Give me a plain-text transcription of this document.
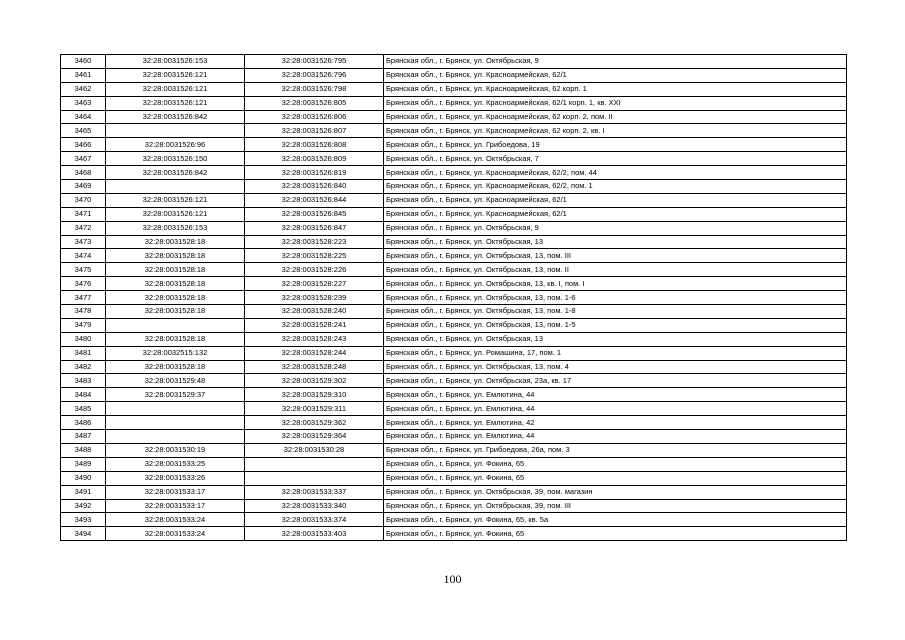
3460	32:28:0031526:153	32:28:0031526:795	Брянская обл., г. Брянск, ул. Октябрьская, 9
3461	32:28:0031526:121	32:28:0031526:796	Брянская обл., г. Брянск, ул. Красноармейская, 62/1
3462	32:28:0031526:121	32:28:0031526:798	Брянская обл., г. Брянск, ул. Красноармейская, 62 корп. 1
3463	32:28:0031526:121	32:28:0031526:805	Брянская обл., г. Брянск, ул. Красноармейская, 62/1 корп. 1, кв. XXI
3464	32:28:0031526:842	32:28:0031526:806	Брянская обл., г. Брянск, ул. Красноармейская, 62 корп. 2, пом. II
3465		32:28:0031526:807	Брянская обл., г. Брянск, ул. Красноармейская, 62 корп. 2, кв. I
3466	32:28:0031526:96	32:28:0031526:808	Брянская обл., г. Брянск, ул. Грибоедова, 19
3467	32:28:0031526:150	32:28:0031526:809	Брянская обл., г. Брянск, ул. Октябрьская, 7
3468	32:28:0031526:842	32:28:0031526:819	Брянская обл., г. Брянск, ул. Красноармейская, 62/2, пом. 44
3469		32:28:0031526:840	Брянская обл., г. Брянск, ул. Красноармейская, 62/2, пом. 1
3470	32:28:0031526:121	32:28:0031526:844	Брянская обл., г. Брянск, ул. Красноармейская, 62/1
3471	32:28:0031526:121	32:28:0031526:845	Брянская обл., г. Брянск, ул. Красноармейская, 62/1
3472	32:28:0031526:153	32:28:0031526:847	Брянская обл., г. Брянск, ул. Октябрьская, 9
3473	32:28:0031528:18	32:28:0031528:223	Брянская обл., г. Брянск, ул. Октябрьская, 13
3474	32:28:0031528:18	32:28:0031528:225	Брянская обл., г. Брянск, ул. Октябрьская, 13, пом. III
3475	32:28:0031528:18	32:28:0031528:226	Брянская обл., г. Брянск, ул. Октябрьская, 13, пом. II
3476	32:28:0031528:18	32:28:0031528:227	Брянская обл., г. Брянск, ул. Октябрьская, 13, кв. I, пом. I
3477	32:28:0031528:18	32:28:0031528:239	Брянская обл., г. Брянск, ул. Октябрьская, 13, пом. 1-6
3478	32:28:0031528:18	32:28:0031528:240	Брянская обл., г. Брянск, ул. Октябрьская, 13, пом. 1-8
3479		32:28:0031528:241	Брянская обл., г. Брянск, ул. Октябрьская, 13, пом. 1-5
3480	32:28:0031528:18	32:28:0031528:243	Брянская обл., г. Брянск, ул. Октябрьская, 13
3481	32:28:0032515:132	32:28:0031528:244	Брянская обл., г. Брянск, ул. Ромашина, 17, пом. 1
3482	32:28:0031528:18	32:28:0031528:248	Брянская обл., г. Брянск, ул. Октябрьская, 13, пом. 4
3483	32:28:0031529:48	32:28:0031529:302	Брянская обл., г. Брянск, ул. Октябрьская, 23а, кв. 17
3484	32:28:0031529:37	32:28:0031529:310	Брянская обл., г. Брянск, ул. Емлютина, 44
3485		32:28:0031529:311	Брянская обл., г. Брянск, ул. Емлютина, 44
3486		32:28:0031529:362	Брянская обл., г. Брянск, ул. Емлютина, 42
3487		32:28:0031529:364	Брянская обл., г. Брянск, ул. Емлютина, 44
3488	32:28:0031530:19	32:28:0031530:28	Брянская обл., г. Брянск, ул. Грибоедова, 26а, пом. 3
3489	32:28:0031533:25		Брянская обл., г. Брянск, ул. Фокина, 65
3490	32:28:0031533:26		Брянская обл., г. Брянск, ул. Фокина, 65
3491	32:28:0031533:17	32:28:0031533:337	Брянская обл., г. Брянск, ул. Октябрьская, 39, пом. магазин
3492	32:28:0031533:17	32:28:0031533:340	Брянская обл., г. Брянск, ул. Октябрьская, 39, пом. III
3493	32:28:0031533:24	32:28:0031533:374	Брянская обл., г. Брянск, ул. Фокина, 65, кв. 5а
3494	32:28:0031533:24	32:28:0031533:403	Брянская обл., г. Брянск, ул. Фокина, 65
100
